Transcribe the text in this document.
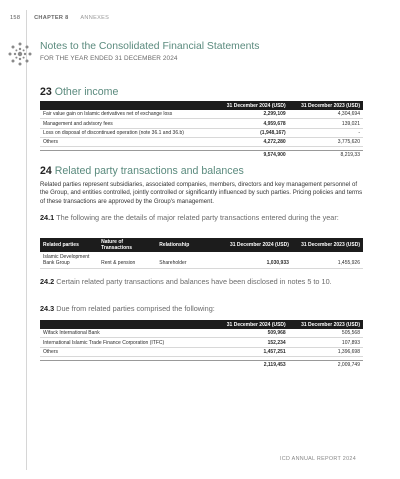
158 CHAPTER 8 ANNEXES
Notes to the Consolidated Financial Statements
FOR THE YEAR ENDED 31 DECEMBER 2024
23 Other income
	31 December 2024 (USD)	31 December 2023 (USD)
Fair value gain on Islamic derivatives net of exchange loss	2,299,109	4,304,694
Management and advisory fees	4,959,678	139,021
Loss on disposal of discontinued operation (note 36.1 and 36.b)	(1,948,167)	-
Others	4,272,280	3,775,620

	9,574,900	8,219,33
24 Related party transactions and balances
Related parties represent subsidiaries, associated companies, members, directors and key management personnel of the Group, and entities controlled, jointly controlled or significantly influenced by such parties. Pricing policies and terms of these transactions are approved by the Group's management.
24.1 The following are the details of major related party transactions entered during the year:
Related parties	Nature of Transactions	Relationship	31 December 2024 (USD)	31 December 2023 (USD)
Islamic Development Bank Group	Rent & pension	Shareholder	1,030,933	1,455,926
24.2 Certain related party transactions and balances have been disclosed in notes 5 to 10.
24.3 Due from related parties comprised the following:
	31 December 2024 (USD)	31 December 2023 (USD)
Wifack International Bank	509,968	505,568
International Islamic Trade Finance Corporation (ITFC)	152,234	107,893
Others	1,457,251	1,396,698

	2,119,453	2,009,749
ICD ANNUAL REPORT 2024
